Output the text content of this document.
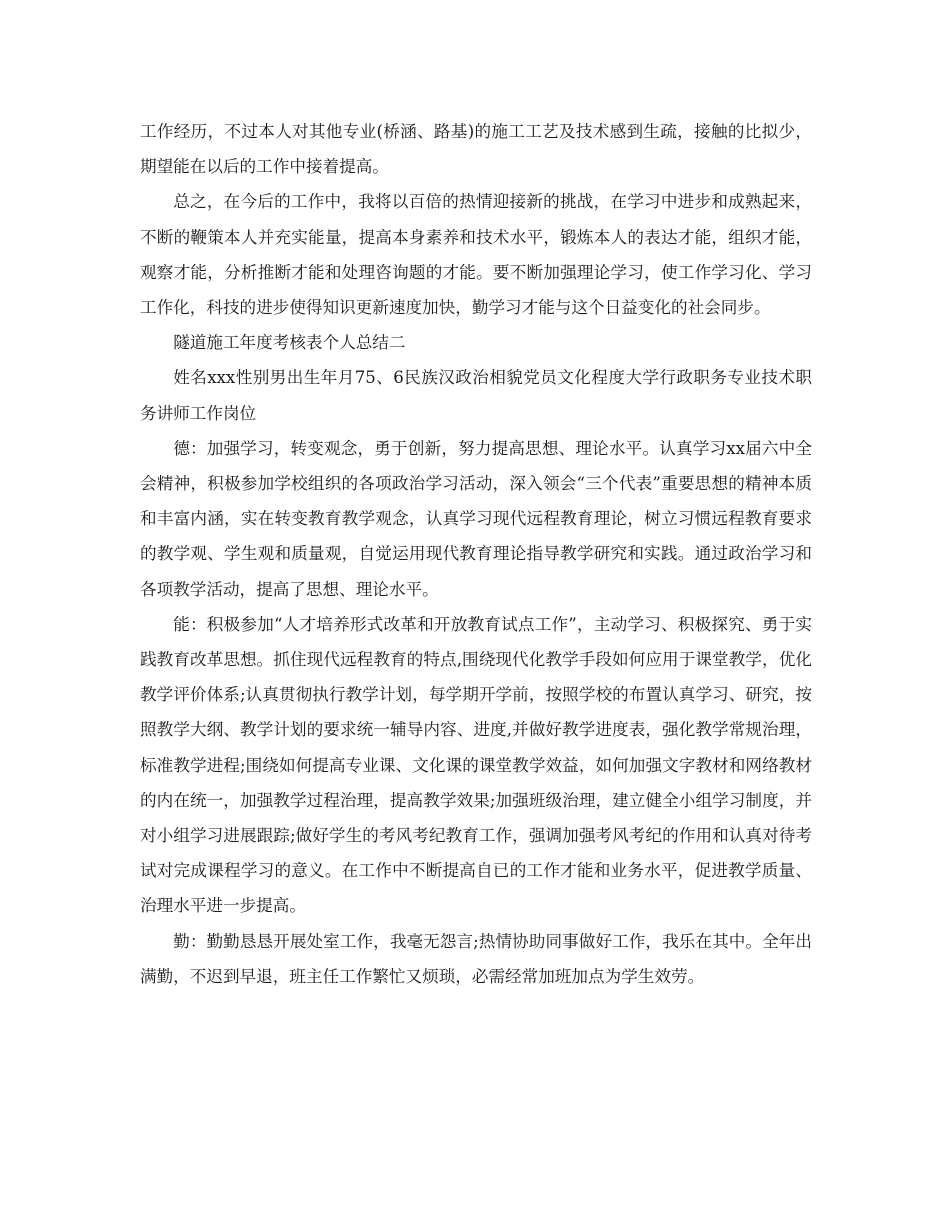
工作经历，不过本人对其他专业(桥涵、路基)的施工工艺及技术感到生疏，接触的比拟少，期望能在以后的工作中接着提高。

总之，在今后的工作中，我将以百倍的热情迎接新的挑战，在学习中进步和成熟起来，不断的鞭策本人并充实能量，提高本身素养和技术水平，锻炼本人的表达才能，组织才能，观察才能，分析推断才能和处理咨询题的才能。要不断加强理论学习，使工作学习化、学习工作化，科技的进步使得知识更新速度加快，勤学习才能与这个日益变化的社会同步。

隧道施工年度考核表个人总结二

姓名xxx性别男出生年月75、6民族汉政治相貌党员文化程度大学行政职务专业技术职务讲师工作岗位

德：加强学习，转变观念，勇于创新，努力提高思想、理论水平。认真学习xx届六中全会精神，积极参加学校组织的各项政治学习活动，深入领会“三个代表”重要思想的精神本质和丰富内涵，实在转变教育教学观念，认真学习现代远程教育理论，树立习惯远程教育要求的教学观、学生观和质量观，自觉运用现代教育理论指导教学研究和实践。通过政治学习和各项教学活动，提高了思想、理论水平。

能：积极参加“人才培养形式改革和开放教育试点工作”，主动学习、积极探究、勇于实践教育改革思想。抓住现代远程教育的特点,围绕现代化教学手段如何应用于课堂教学，优化教学评价体系;认真贯彻执行教学计划，每学期开学前，按照学校的布置认真学习、研究，按照教学大纲、教学计划的要求统一辅导内容、进度,并做好教学进度表，强化教学常规治理，标准教学进程;围绕如何提高专业课、文化课的课堂教学效益，如何加强文字教材和网络教材的内在统一，加强教学过程治理，提高教学效果;加强班级治理，建立健全小组学习制度，并对小组学习进展跟踪;做好学生的考风考纪教育工作，强调加强考风考纪的作用和认真对待考试对完成课程学习的意义。在工作中不断提高自已的工作才能和业务水平，促进教学质量、治理水平进一步提高。

勤：勤勤恳恳开展处室工作，我毫无怨言;热情协助同事做好工作，我乐在其中。全年出满勤，不迟到早退，班主任工作繁忙又烦琐，必需经常加班加点为学生效劳。
